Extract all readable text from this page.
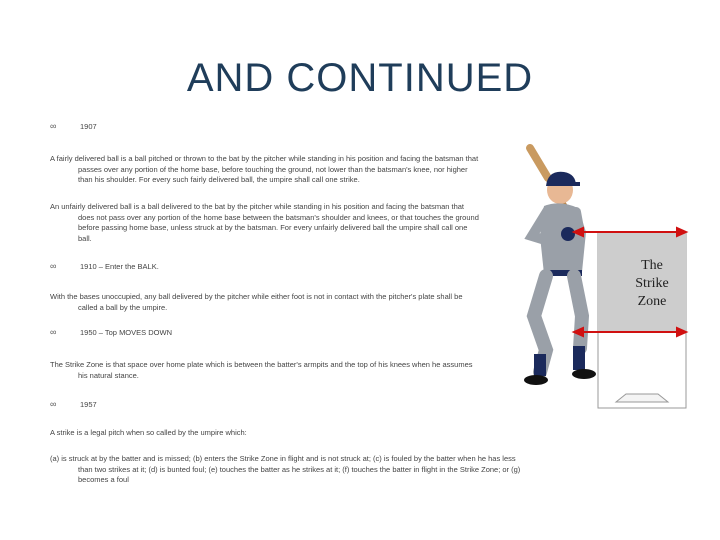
AND CONTINUED
∞	1907
A fairly delivered ball is a ball pitched or thrown to the bat by the pitcher while standing in his position and facing the batsman that passes over any portion of the home base, before touching the ground, not lower than the batsman's knee, nor higher than his shoulder. For every such fairly delivered ball, the umpire shall call one strike.
An unfairly delivered ball is a ball delivered to the bat by the pitcher while standing in his position and facing the batsman that does not pass over any portion of the home base between the batsman's shoulder and knees, or that touches the ground before passing home base, unless struck at by the batsman. For every unfairly delivered ball the umpire shall call one ball.
∞	1910 – Enter the BALK.
With the bases unoccupied, any ball delivered by the pitcher while either foot is not in contact with the pitcher's plate shall be called a ball by the umpire.
∞	1950 – Top MOVES DOWN
The Strike Zone is that space over home plate which is between the batter's armpits and the top of his knees when he assumes his natural stance.
∞	1957
A strike is a legal pitch when so called by the umpire which:
(a) is struck at by the batter and is missed; (b) enters the Strike Zone in flight and is not struck at; (c) is fouled by the batter when he has less than two strikes at it; (d) is bunted foul; (e) touches the batter as he strikes at it; (f) touches the batter in flight in the Strike Zone; or (g) becomes a foul
The
Strike
Zone
